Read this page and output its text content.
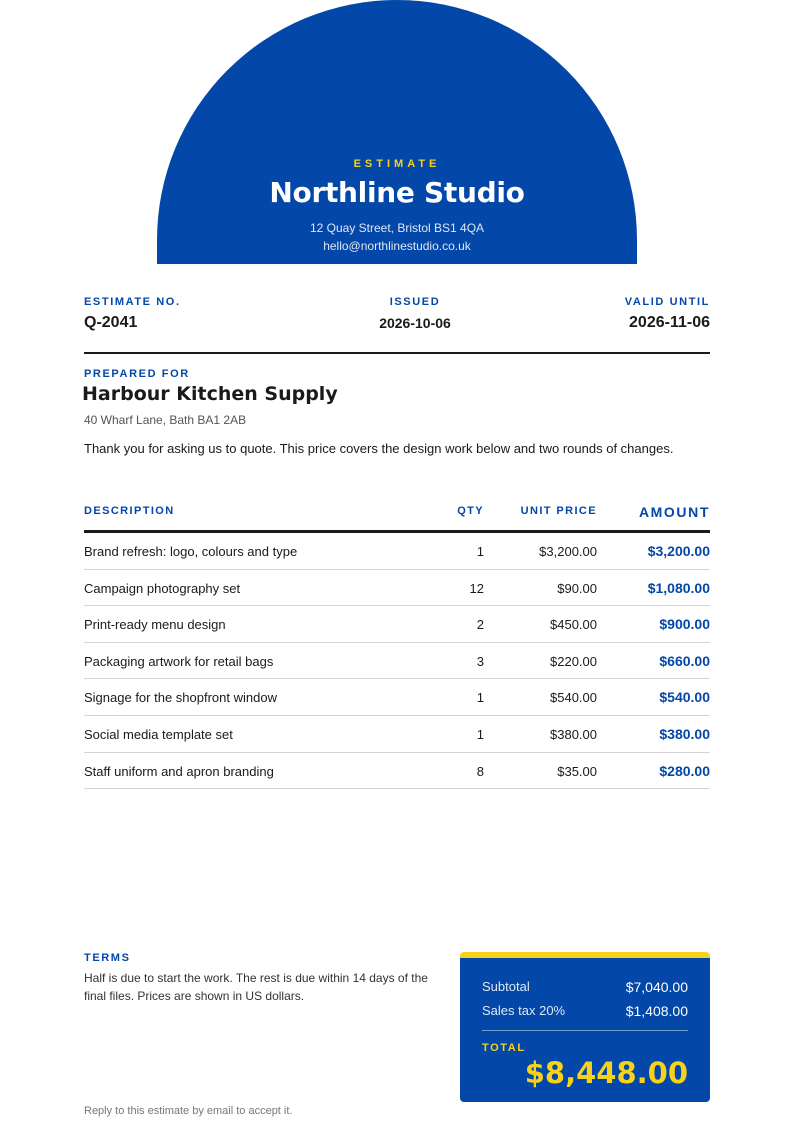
ESTIMATE
Northline Studio
12 Quay Street, Bristol BS1 4QA
hello@northlinestudio.co.uk
ESTIMATE NO.
Q-2041
ISSUED
2026-10-06
VALID UNTIL
2026-11-06
PREPARED FOR
Harbour Kitchen Supply
40 Wharf Lane, Bath BA1 2AB
Thank you for asking us to quote. This price covers the design work below and two rounds of changes.
DESCRIPTION	QTY	UNIT PRICE	AMOUNT
Brand refresh: logo, colours and type	1	$3,200.00	$3,200.00
Campaign photography set	12	$90.00	$1,080.00
Print-ready menu design	2	$450.00	$900.00
Packaging artwork for retail bags	3	$220.00	$660.00
Signage for the shopfront window	1	$540.00	$540.00
Social media template set	1	$380.00	$380.00
Staff uniform and apron branding	8	$35.00	$280.00
TERMS
Half is due to start the work. The rest is due within 14 days of the final files. Prices are shown in US dollars.
Subtotal	$7,040.00
Sales tax 20%	$1,408.00
TOTAL
$8,448.00
Reply to this estimate by email to accept it.
